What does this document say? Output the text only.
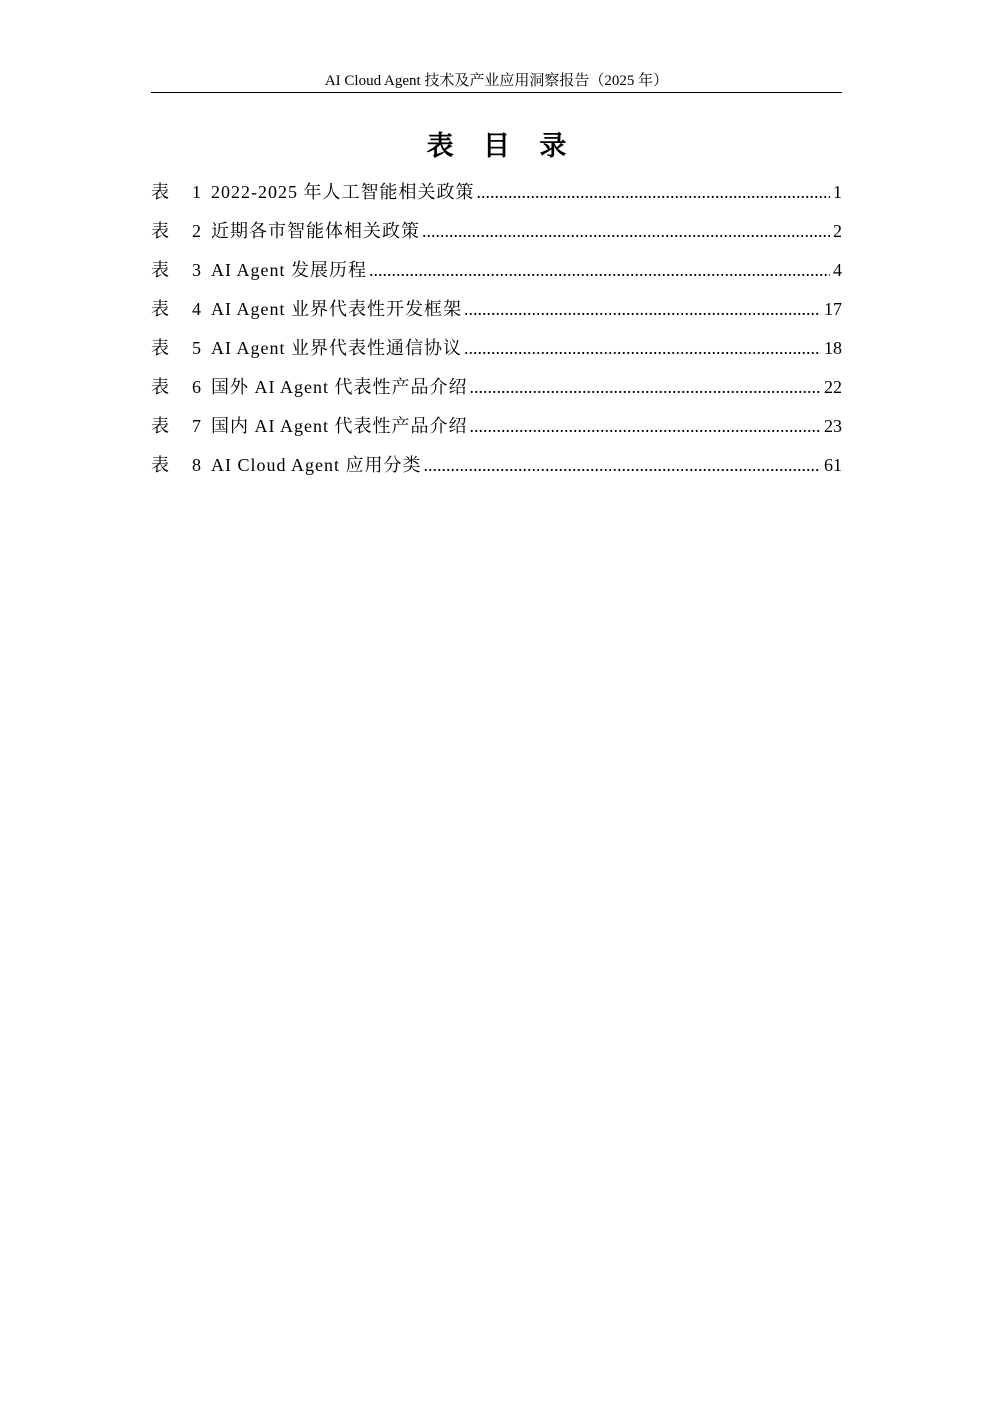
AI Cloud Agent 技术及产业应用洞察报告（2025 年）
表 目 录
表 1 2022-2025 年人工智能相关政策 .....	1
表 2 近期各市智能体相关政策 .....	2
表 3 AI Agent 发展历程 .....	4
表 4 AI Agent 业界代表性开发框架 .....	17
表 5 AI Agent 业界代表性通信协议 .....	18
表 6 国外 AI Agent 代表性产品介绍 .....	22
表 7 国内 AI Agent 代表性产品介绍 .....	23
表 8 AI Cloud Agent 应用分类 .....	61
